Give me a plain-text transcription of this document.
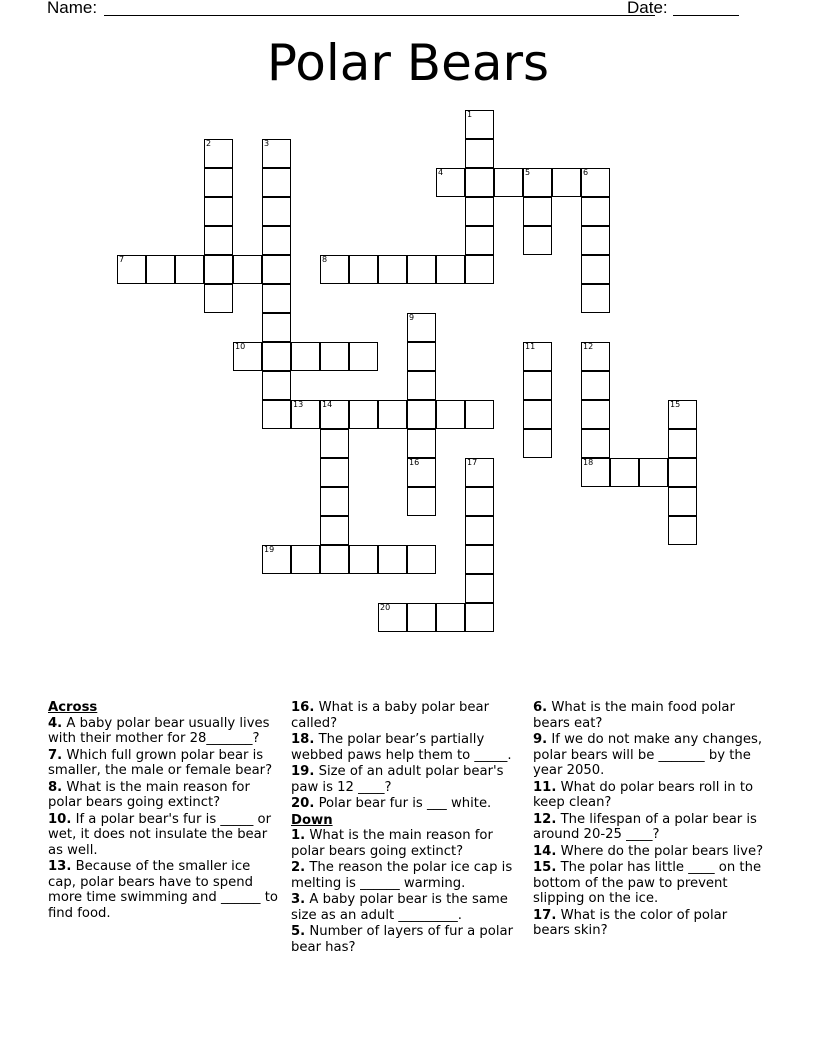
Name:	Date:
Polar Bears
4	5	6
7	8
10
13 14
18
19
20
1
2	3
9
16
11	12
15
17
Across
4. A baby polar bear usually lives with their mother for 28_______?
7. Which full grown polar bear is smaller, the male or female bear?
8. What is the main reason for polar bears going extinct?
10. If a polar bear's fur is _____ or wet, it does not insulate the bear as well.
13. Because of the smaller ice cap, polar bears have to spend more time swimming and ______ to find food.
16. What is a baby polar bear called?
18. The polar bear’s partially webbed paws help them to _____.
19. Size of an adult polar bear's paw is 12 ____?
20. Polar bear fur is ___ white.
Down
1. What is the main reason for polar bears going extinct?
2. The reason the polar ice cap is melting is ______ warming.
3. A baby polar bear is the same size as an adult _________.
5. Number of layers of fur a polar bear has?
6. What is the main food polar bears eat?
9. If we do not make any changes, polar bears will be _______ by the year 2050.
11. What do polar bears roll in to keep clean?
12. The lifespan of a polar bear is around 20-25 ____?
14. Where do the polar bears live?
15. The polar has little ____ on the bottom of the paw to prevent slipping on the ice.
17. What is the color of polar bears skin?
